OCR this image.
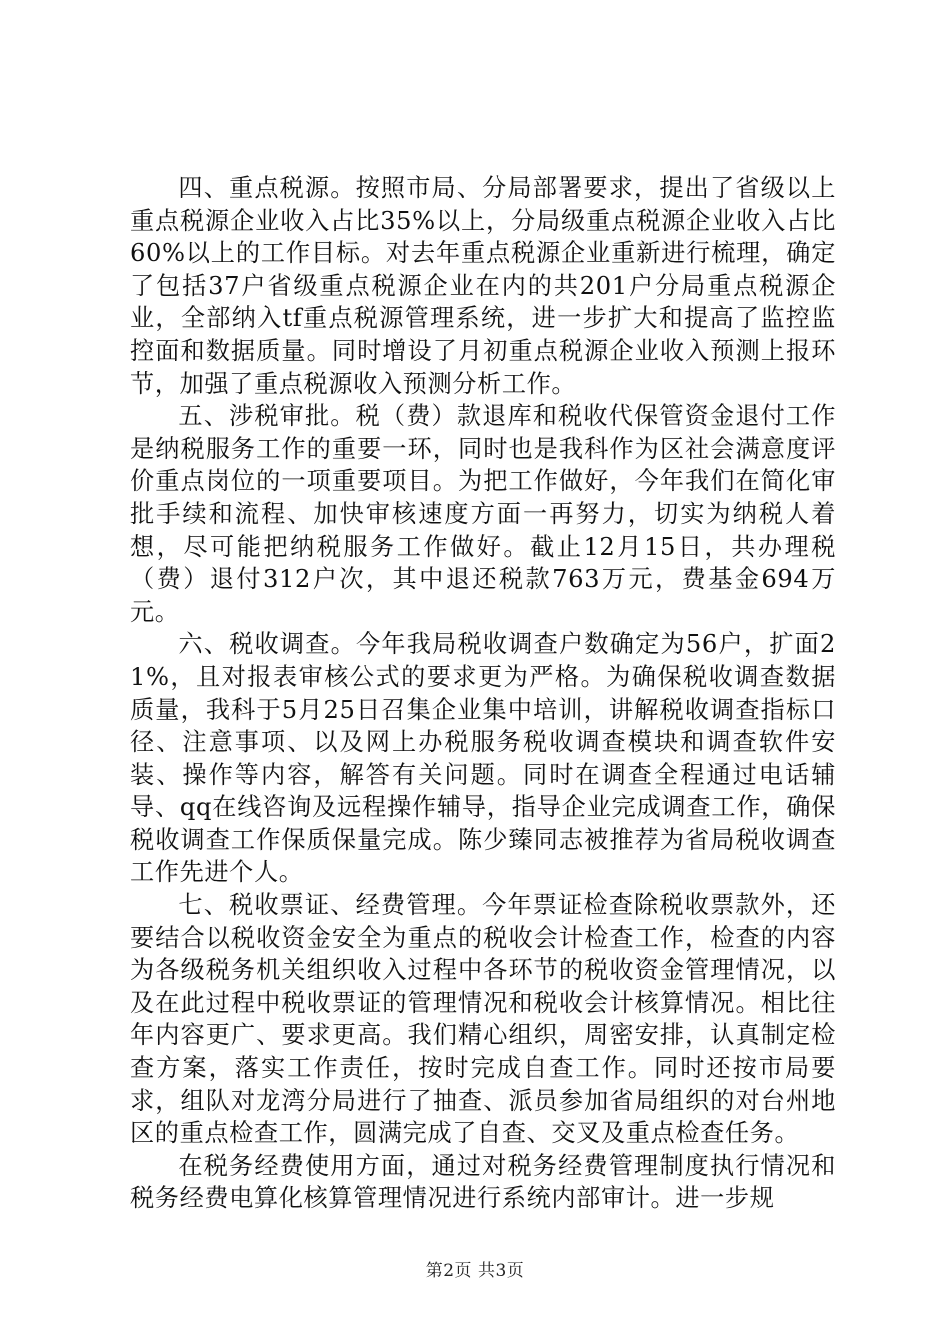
四、重点税源。按照市局、分局部署要求，提出了省级以上重点税源企业收入占比35%以上，分局级重点税源企业收入占比60%以上的工作目标。对去年重点税源企业重新进行梳理，确定了包括37户省级重点税源企业在内的共201户分局重点税源企业，全部纳入tf重点税源管理系统，进一步扩大和提高了监控监控面和数据质量。同时增设了月初重点税源企业收入预测上报环节，加强了重点税源收入预测分析工作。

五、涉税审批。税（费）款退库和税收代保管资金退付工作是纳税服务工作的重要一环，同时也是我科作为区社会满意度评价重点岗位的一项重要项目。为把工作做好，今年我们在简化审批手续和流程、加快审核速度方面一再努力，切实为纳税人着想，尽可能把纳税服务工作做好。截止12月15日，共办理税（费）退付312户次，其中退还税款763万元，费基金694万元。

六、税收调查。今年我局税收调查户数确定为56户，扩面21%，且对报表审核公式的要求更为严格。为确保税收调查数据质量，我科于5月25日召集企业集中培训，讲解税收调查指标口径、注意事项、以及网上办税服务税收调查模块和调查软件安装、操作等内容，解答有关问题。同时在调查全程通过电话辅导、qq在线咨询及远程操作辅导，指导企业完成调查工作，确保税收调查工作保质保量完成。陈少臻同志被推荐为省局税收调查工作先进个人。

七、税收票证、经费管理。今年票证检查除税收票款外，还要结合以税收资金安全为重点的税收会计检查工作，检查的内容为各级税务机关组织收入过程中各环节的税收资金管理情况，以及在此过程中税收票证的管理情况和税收会计核算情况。相比往年内容更广、要求更高。我们精心组织，周密安排，认真制定检查方案，落实工作责任，按时完成自查工作。同时还按市局要求，组队对龙湾分局进行了抽查、派员参加省局组织的对台州地区的重点检查工作，圆满完成了自查、交叉及重点检查任务。

在税务经费使用方面，通过对税务经费管理制度执行情况和税务经费电算化核算管理情况进行系统内部审计。进一步规

第2页 共3页
